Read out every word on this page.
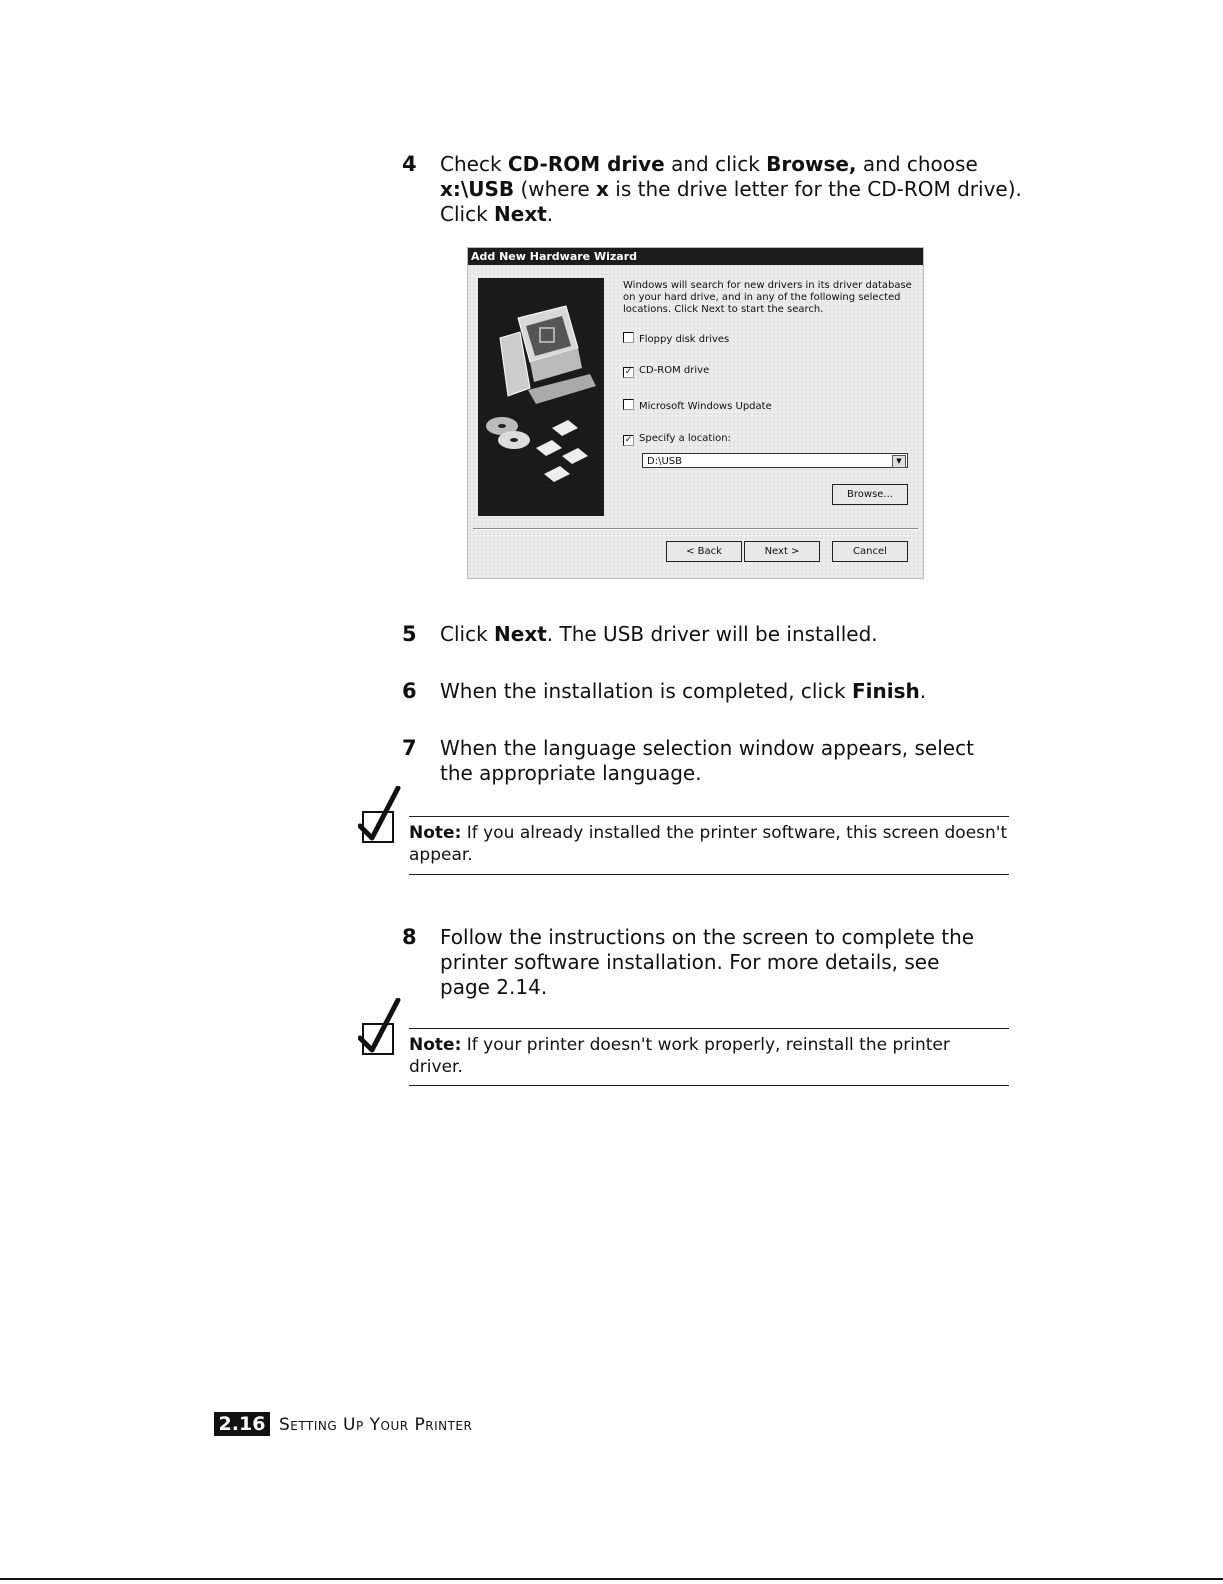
4 Check CD-ROM drive and click Browse, and choose
x:\USB (where x is the drive letter for the CD-ROM drive). Click Next.
Add New Hardware Wizard
Windows will search for new drivers in its driver database on your hard drive, and in any of the following selected locations. Click Next to start the search.
Floppy disk drives
✓ CD-ROM drive
Microsoft Windows Update
✓ Specify a location:
D:\USB	▼
Browse...
< Back	Next >	Cancel
5 Click Next. The USB driver will be installed.
6 When the installation is completed, click Finish.
7 When the language selection window appears, select the appropriate language.
Note: If you already installed the printer software, this screen doesn't appear.
8 Follow the instructions on the screen to complete the printer software installation. For more details, see page 2.14.
Note: If your printer doesn't work properly, reinstall the printer driver.
2.16 Setting Up Your Printer
